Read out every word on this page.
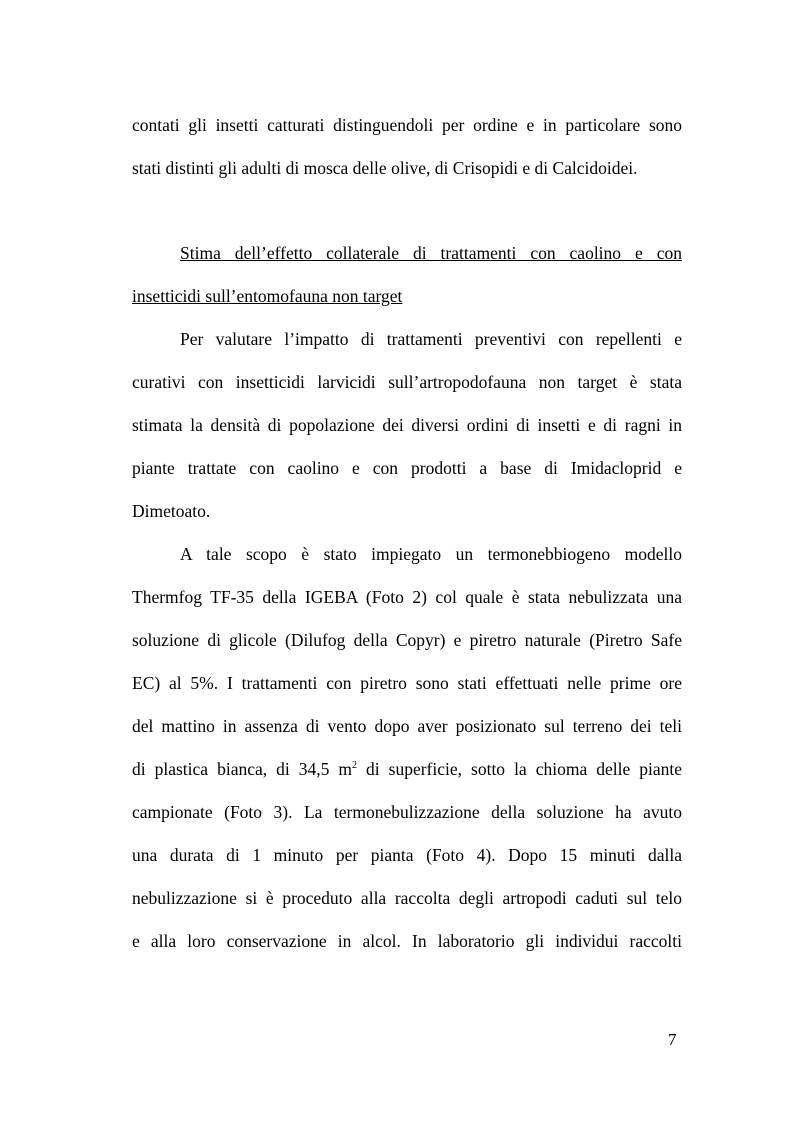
contati gli insetti catturati distinguendoli per ordine e in particolare sono
stati distinti gli adulti di mosca delle olive, di Crisopidi e di Calcidoidei.

Stima dell’effetto collaterale di trattamenti con caolino e con
insetticidi sull’entomofauna non target

Per valutare l’impatto di trattamenti preventivi con repellenti e
curativi con insetticidi larvicidi sull’artropodofauna non target è stata
stimata la densità di popolazione dei diversi ordini di insetti e di ragni in
piante trattate con caolino e con prodotti a base di Imidacloprid e
Dimetoato.

A tale scopo è stato impiegato un termonebbiogeno modello
Thermfog TF-35 della IGEBA (Foto 2) col quale è stata nebulizzata una
soluzione di glicole (Dilufog della Copyr) e piretro naturale (Piretro Safe
EC) al 5%. I trattamenti con piretro sono stati effettuati nelle prime ore
del mattino in assenza di vento dopo aver posizionato sul terreno dei teli
di plastica bianca, di 34,5 $m^2$ di superficie, sotto la chioma delle piante
campionate (Foto 3). La termonebulizzazione della soluzione ha avuto
una durata di 1 minuto per pianta (Foto 4). Dopo 15 minuti dalla
nebulizzazione si è proceduto alla raccolta degli artropodi caduti sul telo
e alla loro conservazione in alcol. In laboratorio gli individui raccolti

7
